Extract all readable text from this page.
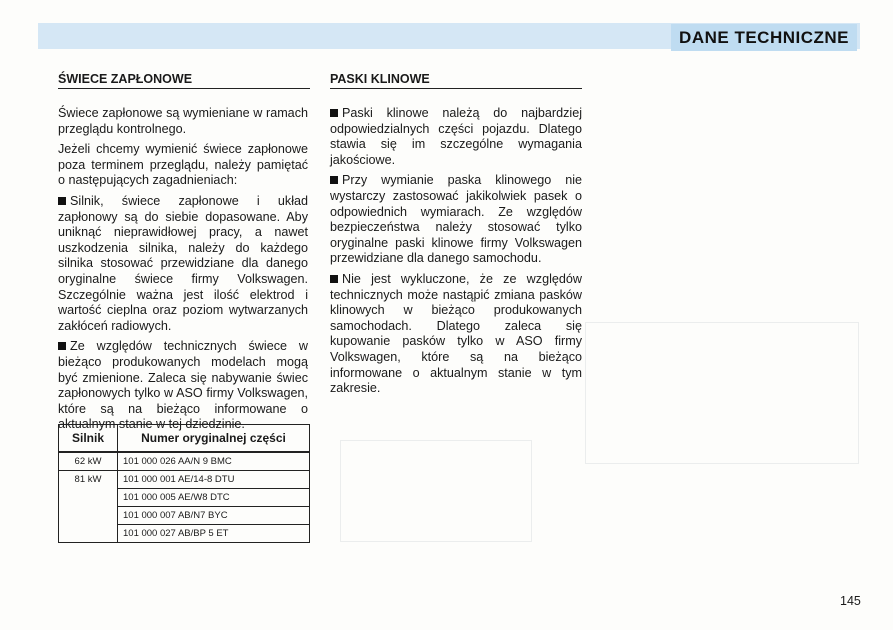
DANE TECHNICZNE
ŚWIECE ZAPŁONOWE

Świece zapłonowe są wymieniane w ramach przeglądu kontrolnego.

Jeżeli chcemy wymienić świece zapłonowe poza terminem przeglądu, należy pamiętać o następujących zagadnieniach:

Silnik, świece zapłonowe i układ zapłonowy są do siebie dopasowane. Aby uniknąć nieprawidłowej pracy, a nawet uszkodzenia silnika, należy do każdego silnika stosować przewidziane dla danego oryginalne świece firmy Volkswagen. Szczególnie ważna jest ilość elektrod i wartość cieplna oraz poziom wytwarzanych zakłóceń radiowych.

Ze względów technicznych świece w bieżąco produkowanych modelach mogą być zmienione. Zaleca się nabywanie świec zapłonowych tylko w ASO firmy Volkswagen, które są na bieżąco informowane o aktualnym stanie w tej dziedzinie.

Silnik	Numer oryginalnej części
62 kW	101 000 026 AA/N 9 BMC
81 kW	101 000 001 AE/14-8 DTU
	101 000 005 AE/W8 DTC
	101 000 007 AB/N7 BYC
	101 000 027 AB/BP 5 ET
PASKI KLINOWE

Paski klinowe należą do najbardziej odpowiedzialnych części pojazdu. Dlatego stawia się im szczególne wymagania jakościowe.

Przy wymianie paska klinowego nie wystarczy zastosować jakikolwiek pasek o odpowiednich wymiarach. Ze względów bezpieczeństwa należy stosować tylko oryginalne paski klinowe firmy Volkswagen przewidziane dla danego samochodu.

Nie jest wykluczone, że ze względów technicznych może nastąpić zmiana pasków klinowych w bieżąco produkowanych samochodach. Dlatego zaleca się kupowanie pasków tylko w ASO firmy Volkswagen, które są na bieżąco informowane o aktualnym stanie w tym zakresie.

145
